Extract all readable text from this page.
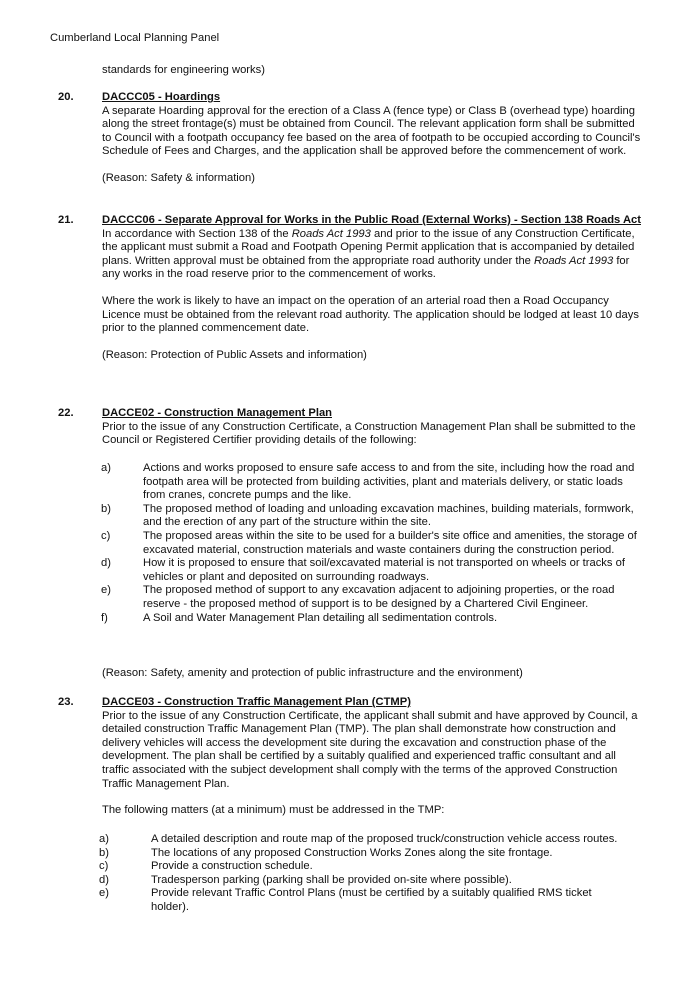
Cumberland Local Planning Panel

standards for engineering works)

20.	DACCC05 - Hoardings

A separate Hoarding approval for the erection of a Class A (fence type) or Class B (overhead type) hoarding along the street frontage(s) must be obtained from Council. The relevant application form shall be submitted to Council with a footpath occupancy fee based on the area of footpath to be occupied according to Council's Schedule of Fees and Charges, and the application shall be approved before the commencement of work.

(Reason: Safety & information)

21.	DACCC06 - Separate Approval for Works in the Public Road (External Works) - Section 138 Roads Act

In accordance with Section 138 of the Roads Act 1993 and prior to the issue of any Construction Certificate, the applicant must submit a Road and Footpath Opening Permit application that is accompanied by detailed plans. Written approval must be obtained from the appropriate road authority under the Roads Act 1993 for any works in the road reserve prior to the commencement of works.

Where the work is likely to have an impact on the operation of an arterial road then a Road Occupancy Licence must be obtained from the relevant road authority. The application should be lodged at least 10 days prior to the planned commencement date.

(Reason: Protection of Public Assets and information)

22.	DACCE02 - Construction Management Plan

Prior to the issue of any Construction Certificate, a Construction Management Plan shall be submitted to the Council or Registered Certifier providing details of the following:

a)	Actions and works proposed to ensure safe access to and from the site, including how the road and footpath area will be protected from building activities, plant and materials delivery, or static loads from cranes, concrete pumps and the like.
b)	The proposed method of loading and unloading excavation machines, building materials, formwork, and the erection of any part of the structure within the site.
c)	The proposed areas within the site to be used for a builder's site office and amenities, the storage of excavated material, construction materials and waste containers during the construction period.
d)	How it is proposed to ensure that soil/excavated material is not transported on wheels or tracks of vehicles or plant and deposited on surrounding roadways.
e)	The proposed method of support to any excavation adjacent to adjoining properties, or the road reserve - the proposed method of support is to be designed by a Chartered Civil Engineer.
f)	A Soil and Water Management Plan detailing all sedimentation controls.

(Reason: Safety, amenity and protection of public infrastructure and the environment)

23.	DACCE03 - Construction Traffic Management Plan (CTMP)

Prior to the issue of any Construction Certificate, the applicant shall submit and have approved by Council, a detailed construction Traffic Management Plan (TMP). The plan shall demonstrate how construction and delivery vehicles will access the development site during the excavation and construction phase of the development. The plan shall be certified by a suitably qualified and experienced traffic consultant and all traffic associated with the subject development shall comply with the terms of the approved Construction Traffic Management Plan.

The following matters (at a minimum) must be addressed in the TMP:

a)	A detailed description and route map of the proposed truck/construction vehicle access routes.
b)	The locations of any proposed Construction Works Zones along the site frontage.
c)	Provide a construction schedule.
d)	Tradesperson parking (parking shall be provided on-site where possible).
e)	Provide relevant Traffic Control Plans (must be certified by a suitably qualified RMS ticket holder).
